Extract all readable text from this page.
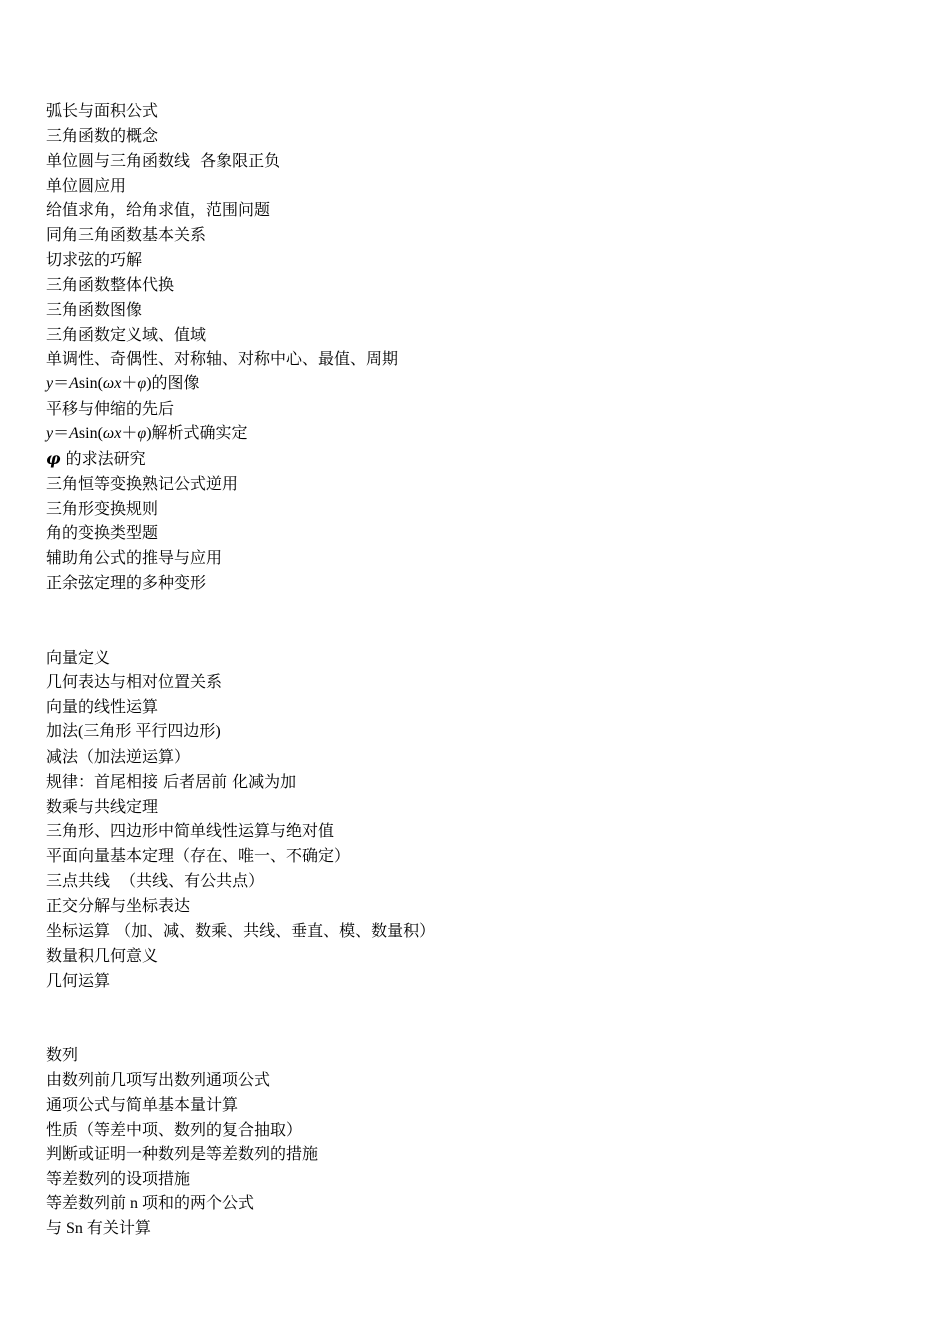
弧长与面积公式

三角函数的概念

单位圆与三角函数线  各象限正负

单位圆应用

给值求角，给角求值，范围问题

同角三角函数基本关系

切求弦的巧解

三角函数整体代换

三角函数图像

三角函数定义域、值域

单调性、奇偶性、对称轴、对称中心、最值、周期

y＝Asin(ωx＋φ)的图像

平移与伸缩的先后

y＝Asin(ωx＋φ)解析式确实定

φ 的求法研究

三角恒等变换熟记公式逆用

三角形变换规则

角的变换类型题

辅助角公式的推导与应用

正余弦定理的多种变形

向量定义

几何表达与相对位置关系

向量的线性运算

加法(三角形 平行四边形)

减法（加法逆运算）

规律：首尾相接 后者居前 化减为加

数乘与共线定理

三角形、四边形中简单线性运算与绝对值

平面向量基本定理（存在、唯一、不确定）

三点共线  （共线、有公共点）

正交分解与坐标表达

坐标运算 （加、减、数乘、共线、垂直、模、数量积）

数量积几何意义

几何运算

数列

由数列前几项写出数列通项公式

通项公式与简单基本量计算

性质（等差中项、数列的复合抽取）

判断或证明一种数列是等差数列的措施

等差数列的设项措施

等差数列前 n 项和的两个公式

与 Sn 有关计算
